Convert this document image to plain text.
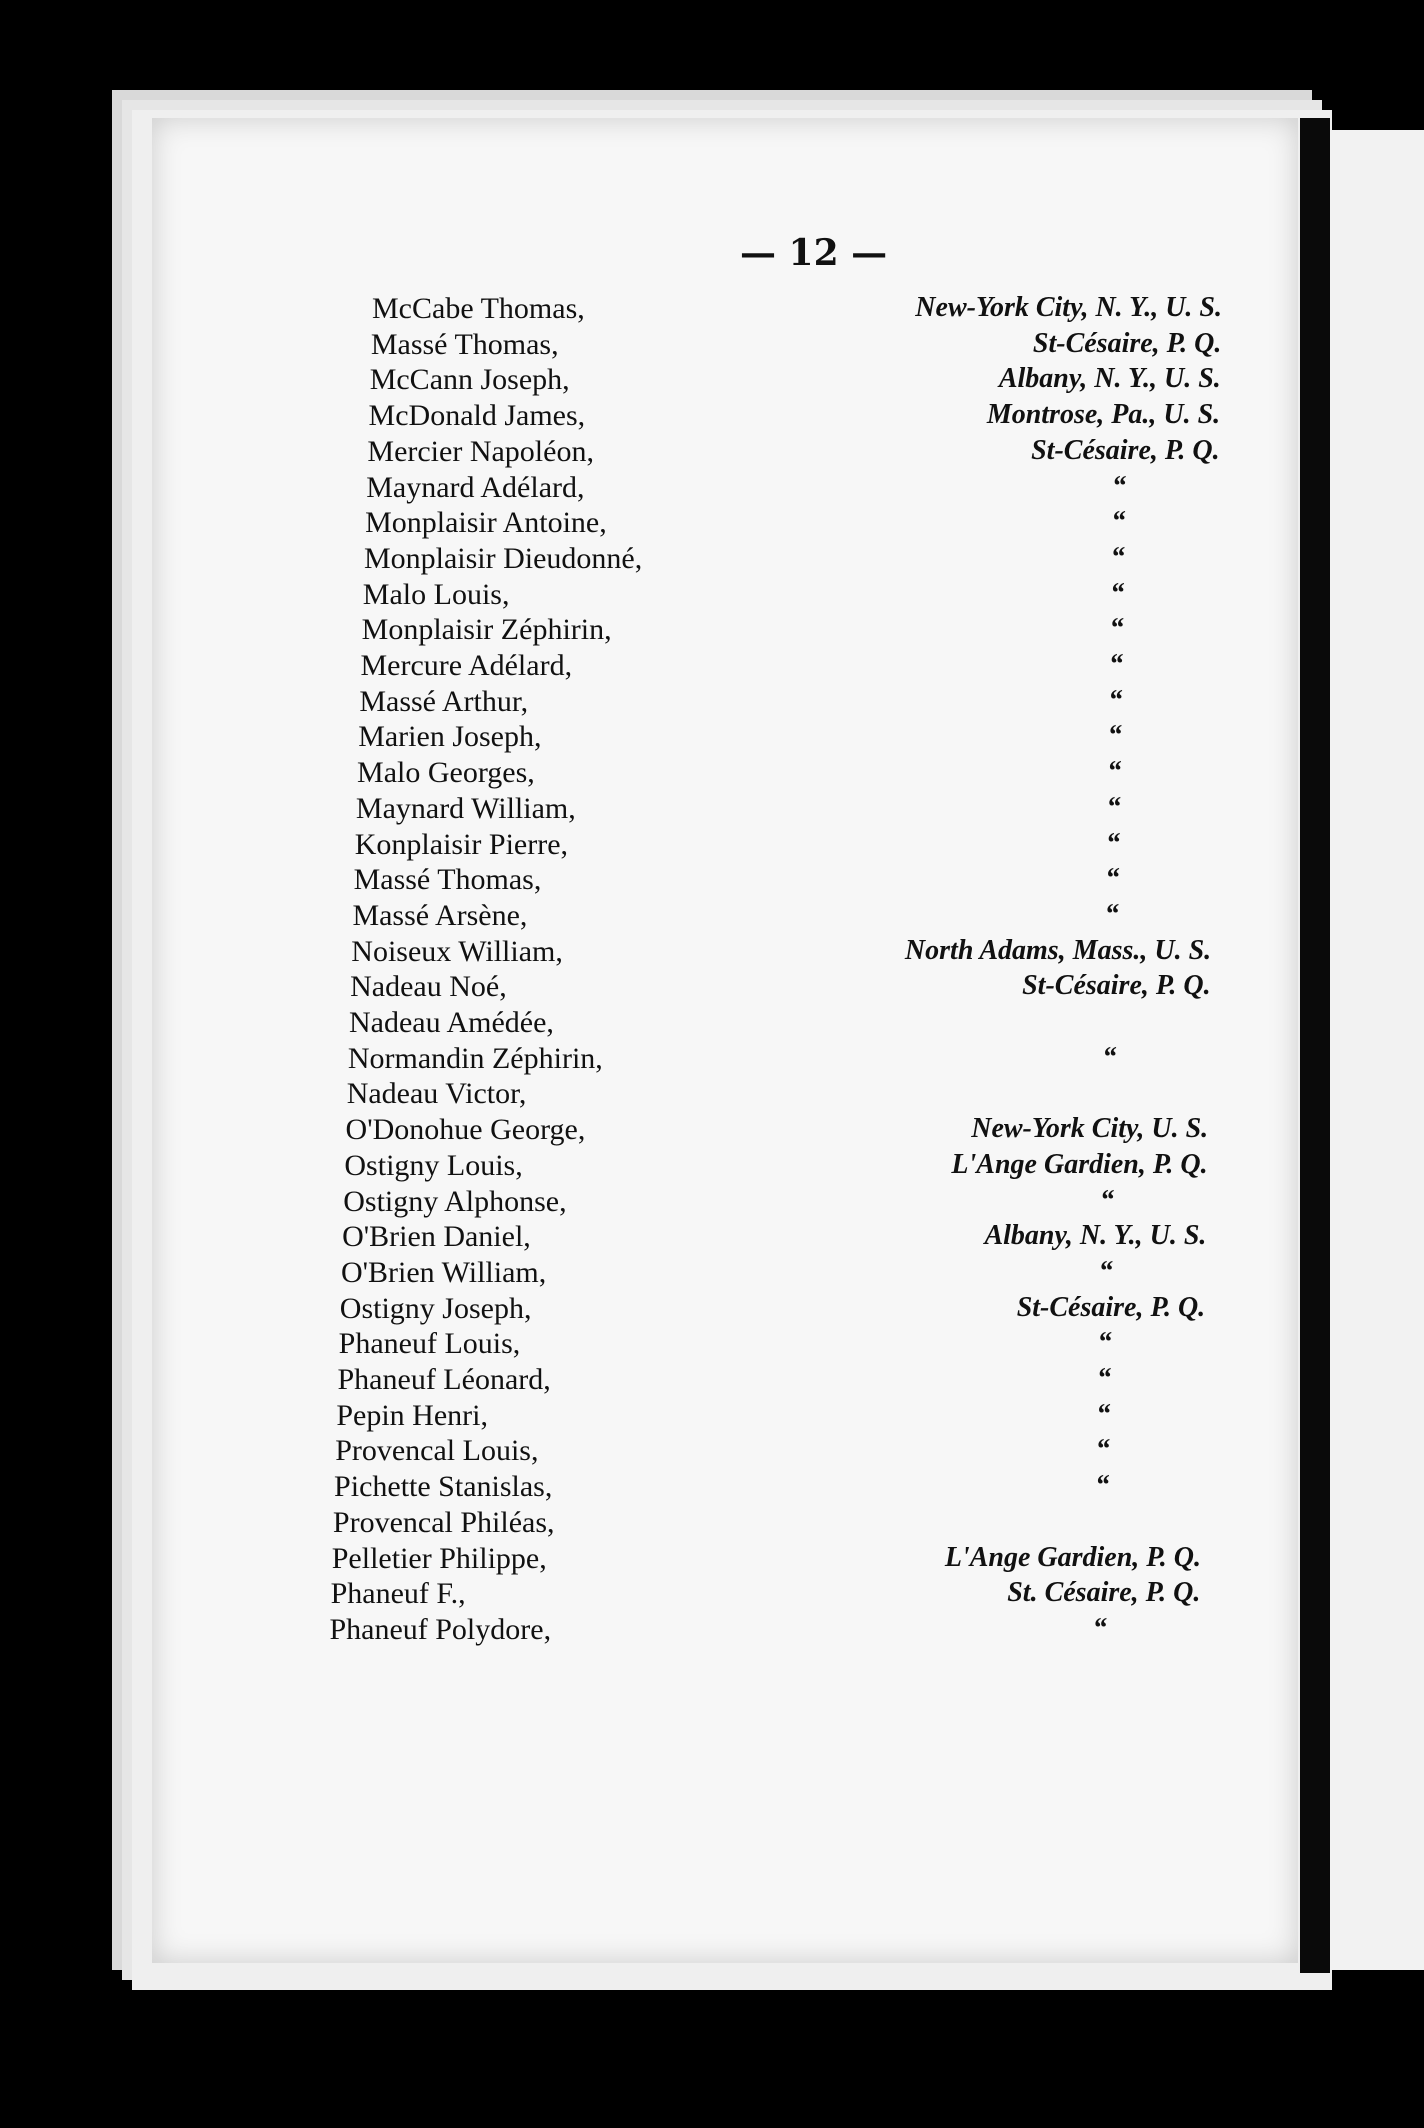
— 12 —
McCabe Thomas,	New-York City, N. Y., U. S.
Massé Thomas,	St-Césaire, P. Q.
McCann Joseph,	Albany, N. Y., U. S.
McDonald James,	Montrose, Pa., U. S.
Mercier Napoléon,	St-Césaire, P. Q.
Maynard Adélard,	“
Monplaisir Antoine,	“
Monplaisir Dieudonné,	“
Malo Louis,	“
Monplaisir Zéphirin,	“
Mercure Adélard,	“
Massé Arthur,	“
Marien Joseph,	“
Malo Georges,	“
Maynard William,	“
Konplaisir Pierre,	“
Massé Thomas,	“
Massé Arsène,	“
Noiseux William,	North Adams, Mass., U. S.
Nadeau Noé,	St-Césaire, P. Q.
Nadeau Amédée,
Normandin Zéphirin,	“
Nadeau Victor,
O'Donohue George,	New-York City, U. S.
Ostigny Louis,	L'Ange Gardien, P. Q.
Ostigny Alphonse,	“
O'Brien Daniel,	Albany, N. Y., U. S.
O'Brien William,	“
Ostigny Joseph,	St-Césaire, P. Q.
Phaneuf Louis,	“
Phaneuf Léonard,	“
Pepin Henri,	“
Provencal Louis,	“
Pichette Stanislas,	“
Provencal Philéas,
Pelletier Philippe,	L'Ange Gardien, P. Q.
Phaneuf F.,	St. Césaire, P. Q.
Phaneuf Polydore,	“
